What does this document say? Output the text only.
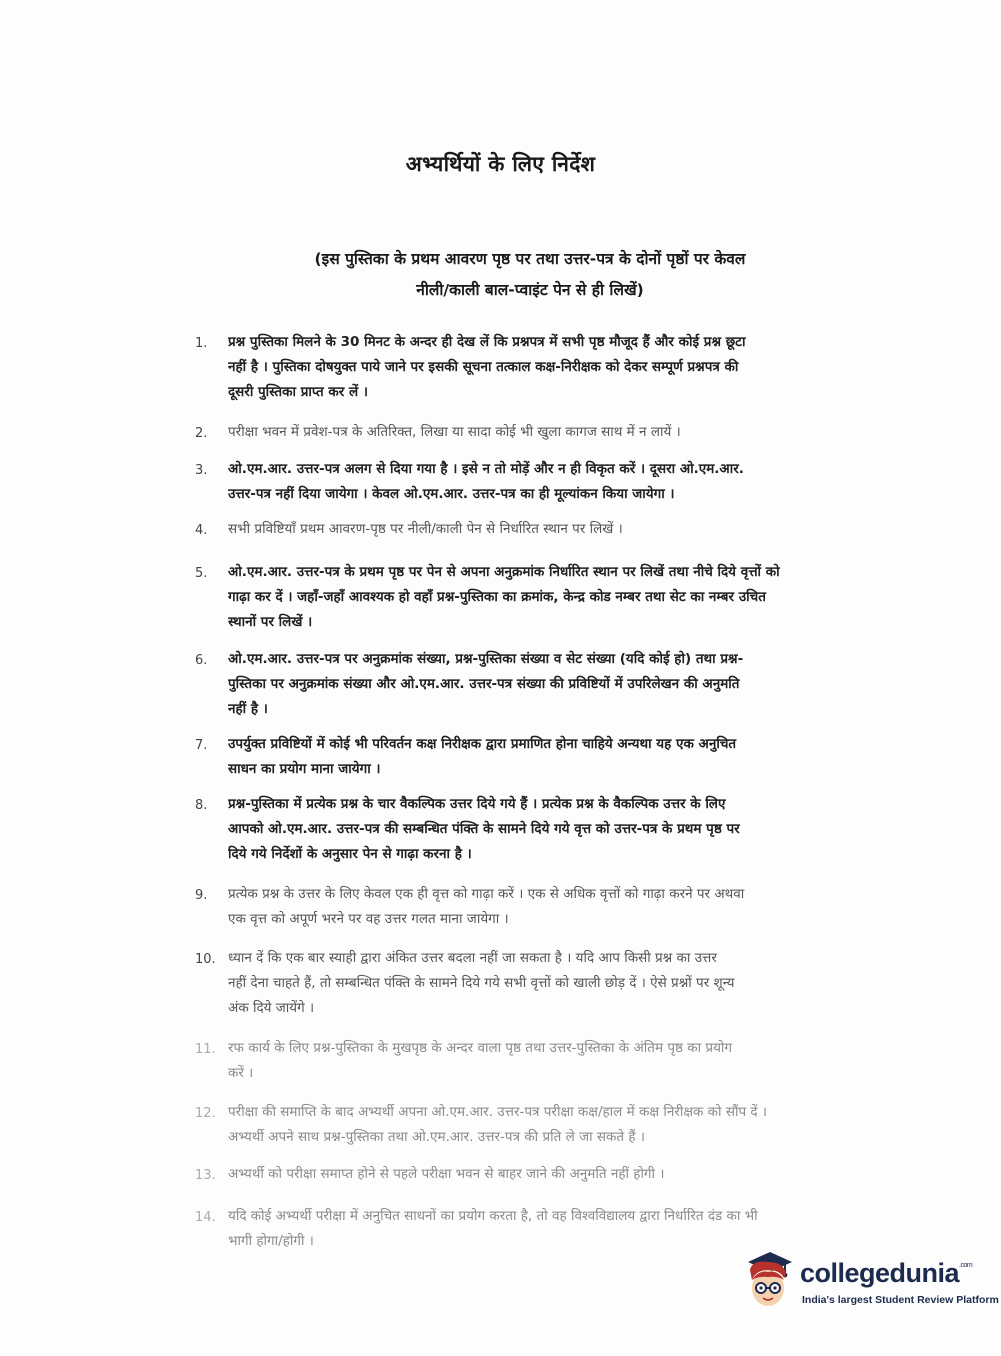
अभ्यर्थियों के लिए निर्देश
(इस पुस्तिका के प्रथम आवरण पृष्ठ पर तथा उत्तर-पत्र के दोनों पृष्ठों पर केवल
नीली/काली बाल-प्वाइंट पेन से ही लिखें)
1.	प्रश्न पुस्तिका मिलने के 30 मिनट के अन्दर ही देख लें कि प्रश्नपत्र में सभी पृष्ठ मौजूद हैं और कोई प्रश्न छूटा
नहीं है । पुस्तिका दोषयुक्त पाये जाने पर इसकी सूचना तत्काल कक्ष-निरीक्षक को देकर सम्पूर्ण प्रश्नपत्र की
दूसरी पुस्तिका प्राप्त कर लें ।
2.	परीक्षा भवन में प्रवेश-पत्र के अतिरिक्त, लिखा या सादा कोई भी खुला कागज साथ में न लायें ।
3.	ओ.एम.आर. उत्तर-पत्र अलग से दिया गया है । इसे न तो मोड़ें और न ही विकृत करें । दूसरा ओ.एम.आर.
उत्तर-पत्र नहीं दिया जायेगा । केवल ओ.एम.आर. उत्तर-पत्र का ही मूल्यांकन किया जायेगा ।
4.	सभी प्रविष्टियाँ प्रथम आवरण-पृष्ठ पर नीली/काली पेन से निर्धारित स्थान पर लिखें ।
5.	ओ.एम.आर. उत्तर-पत्र के प्रथम पृष्ठ पर पेन से अपना अनुक्रमांक निर्धारित स्थान पर लिखें तथा नीचे दिये वृत्तों को
गाढ़ा कर दें । जहाँ-जहाँ आवश्यक हो वहाँ प्रश्न-पुस्तिका का क्रमांक, केन्द्र कोड नम्बर तथा सेट का नम्बर उचित
स्थानों पर लिखें ।
6.	ओ.एम.आर. उत्तर-पत्र पर अनुक्रमांक संख्या, प्रश्न-पुस्तिका संख्या व सेट संख्या (यदि कोई हो) तथा प्रश्न-
पुस्तिका पर अनुक्रमांक संख्या और ओ.एम.आर. उत्तर-पत्र संख्या की प्रविष्टियों में उपरिलेखन की अनुमति
नहीं है ।
7.	उपर्युक्त प्रविष्टियों में कोई भी परिवर्तन कक्ष निरीक्षक द्वारा प्रमाणित होना चाहिये अन्यथा यह एक अनुचित
साधन का प्रयोग माना जायेगा ।
8.	प्रश्न-पुस्तिका में प्रत्येक प्रश्न के चार वैकल्पिक उत्तर दिये गये हैं । प्रत्येक प्रश्न के वैकल्पिक उत्तर के लिए
आपको ओ.एम.आर. उत्तर-पत्र की सम्बन्धित पंक्ति के सामने दिये गये वृत्त को उत्तर-पत्र के प्रथम पृष्ठ पर
दिये गये निर्देशों के अनुसार पेन से गाढ़ा करना है ।
9.	प्रत्येक प्रश्न के उत्तर के लिए केवल एक ही वृत्त को गाढ़ा करें । एक से अधिक वृत्तों को गाढ़ा करने पर अथवा
एक वृत्त को अपूर्ण भरने पर वह उत्तर गलत माना जायेगा ।
10. ध्यान दें कि एक बार स्याही द्वारा अंकित उत्तर बदला नहीं जा सकता है । यदि आप किसी प्रश्न का उत्तर
नहीं देना चाहते हैं, तो सम्बन्धित पंक्ति के सामने दिये गये सभी वृत्तों को खाली छोड़ दें । ऐसे प्रश्नों पर शून्य
अंक दिये जायेंगे ।
11. रफ कार्य के लिए प्रश्न-पुस्तिका के मुखपृष्ठ के अन्दर वाला पृष्ठ तथा उत्तर-पुस्तिका के अंतिम पृष्ठ का प्रयोग
करें ।
12. परीक्षा की समाप्ति के बाद अभ्यर्थी अपना ओ.एम.आर. उत्तर-पत्र परीक्षा कक्ष/हाल में कक्ष निरीक्षक को सौंप दें ।
अभ्यर्थी अपने साथ प्रश्न-पुस्तिका तथा ओ.एम.आर. उत्तर-पत्र की प्रति ले जा सकते हैं ।
13. अभ्यर्थी को परीक्षा समाप्त होने से पहले परीक्षा भवन से बाहर जाने की अनुमति नहीं होगी ।
14. यदि कोई अभ्यर्थी परीक्षा में अनुचित साधनों का प्रयोग करता है, तो वह विश्वविद्यालय द्वारा निर्धारित दंड का भी
भागी होगा/होगी ।
collegedunia$^{.com}$
India's largest Student Review Platform
